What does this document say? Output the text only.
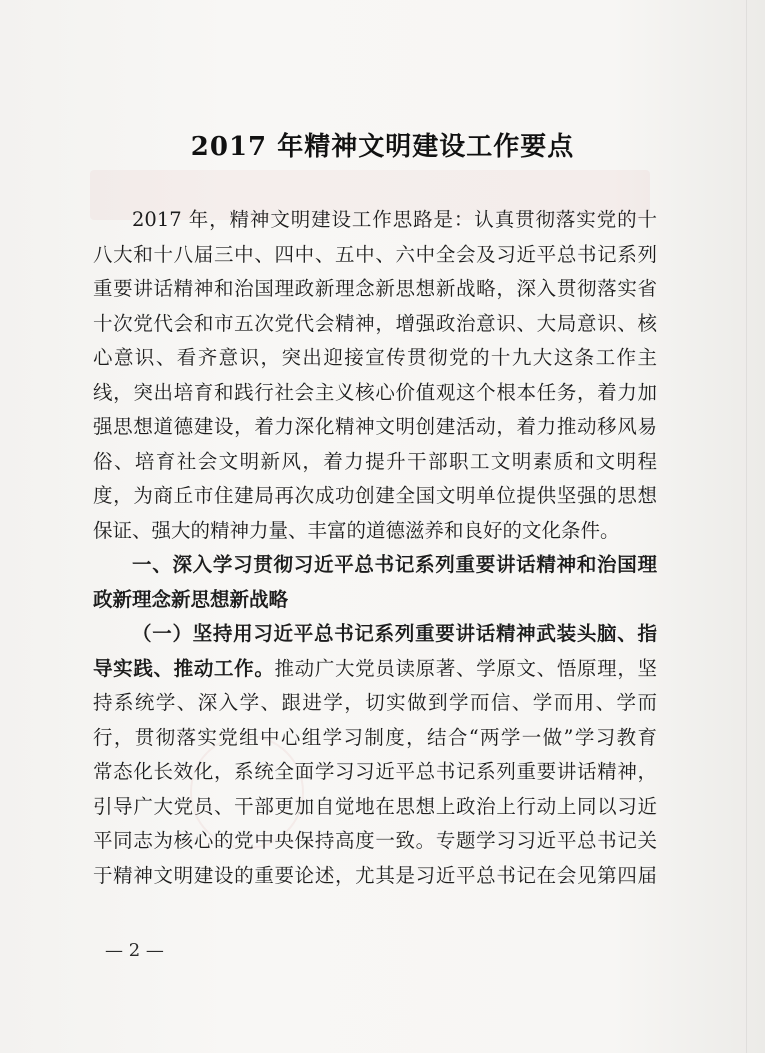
2017 年精神文明建设工作要点
2017 年，精神文明建设工作思路是：认真贯彻落实党的十
八大和十八届三中、四中、五中、六中全会及习近平总书记系列
重要讲话精神和治国理政新理念新思想新战略，深入贯彻落实省
十次党代会和市五次党代会精神，增强政治意识、大局意识、核
心意识、看齐意识，突出迎接宣传贯彻党的十九大这条工作主
线，突出培育和践行社会主义核心价值观这个根本任务，着力加
强思想道德建设，着力深化精神文明创建活动，着力推动移风易
俗、培育社会文明新风，着力提升干部职工文明素质和文明程
度，为商丘市住建局再次成功创建全国文明单位提供坚强的思想
保证、强大的精神力量、丰富的道德滋养和良好的文化条件。
一、深入学习贯彻习近平总书记系列重要讲话精神和治国理
政新理念新思想新战略
（一）坚持用习近平总书记系列重要讲话精神武装头脑、指
导实践、推动工作。推动广大党员读原著、学原文、悟原理，坚
持系统学、深入学、跟进学，切实做到学而信、学而用、学而
行，贯彻落实党组中心组学习制度，结合“两学一做”学习教育
常态化长效化，系统全面学习习近平总书记系列重要讲话精神，
引导广大党员、干部更加自觉地在思想上政治上行动上同以习近
平同志为核心的党中央保持高度一致。专题学习习近平总书记关
于精神文明建设的重要论述，尤其是习近平总书记在会见第四届
— 2 —
